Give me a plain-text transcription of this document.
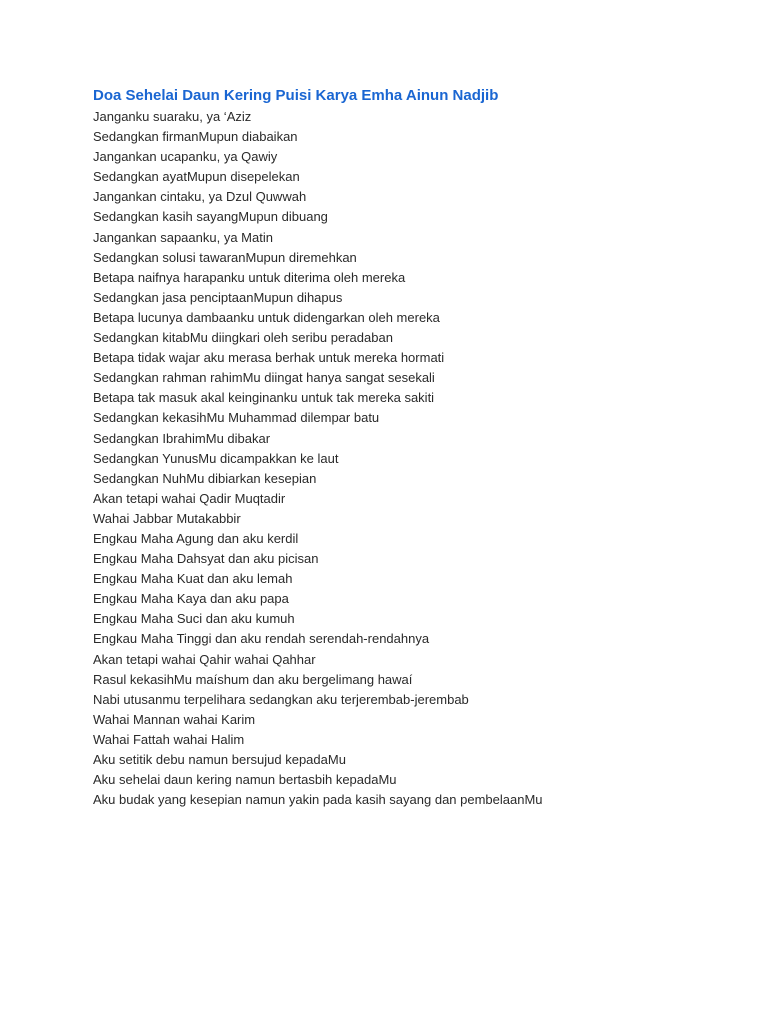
Doa Sehelai Daun Kering Puisi Karya Emha Ainun Nadjib
Janganku suaraku, ya ‘Aziz
Sedangkan firmanMupun diabaikan
Jangankan ucapanku, ya Qawiy
Sedangkan ayatMupun disepelekan
Jangankan cintaku, ya Dzul Quwwah
Sedangkan kasih sayangMupun dibuang
Jangankan sapaanku, ya Matin
Sedangkan solusi tawaranMupun diremehkan
Betapa naifnya harapanku untuk diterima oleh mereka
Sedangkan jasa penciptaanMupun dihapus
Betapa lucunya dambaanku untuk didengarkan oleh mereka
Sedangkan kitabMu diingkari oleh seribu peradaban
Betapa tidak wajar aku merasa berhak untuk mereka hormati
Sedangkan rahman rahimMu diingat hanya sangat sesekali
Betapa tak masuk akal keinginanku untuk tak mereka sakiti
Sedangkan kekasihMu Muhammad dilempar batu
Sedangkan IbrahimMu dibakar
Sedangkan YunusMu dicampakkan ke laut
Sedangkan NuhMu dibiarkan kesepian
Akan tetapi wahai Qadir Muqtadir
Wahai Jabbar Mutakabbir
Engkau Maha Agung dan aku kerdil
Engkau Maha Dahsyat dan aku picisan
Engkau Maha Kuat dan aku lemah
Engkau Maha Kaya dan aku papa
Engkau Maha Suci dan aku kumuh
Engkau Maha Tinggi dan aku rendah serendah-rendahnya
Akan tetapi wahai Qahir wahai Qahhar
Rasul kekasihMu maíshum dan aku bergelimang hawaí
Nabi utusanmu terpelihara sedangkan aku terjerembab-jerembab
Wahai Mannan wahai Karim
Wahai Fattah wahai Halim
Aku setitik debu namun bersujud kepadaMu
Aku sehelai daun kering namun bertasbih kepadaMu
Aku budak yang kesepian namun yakin pada kasih sayang dan pembelaanMu
